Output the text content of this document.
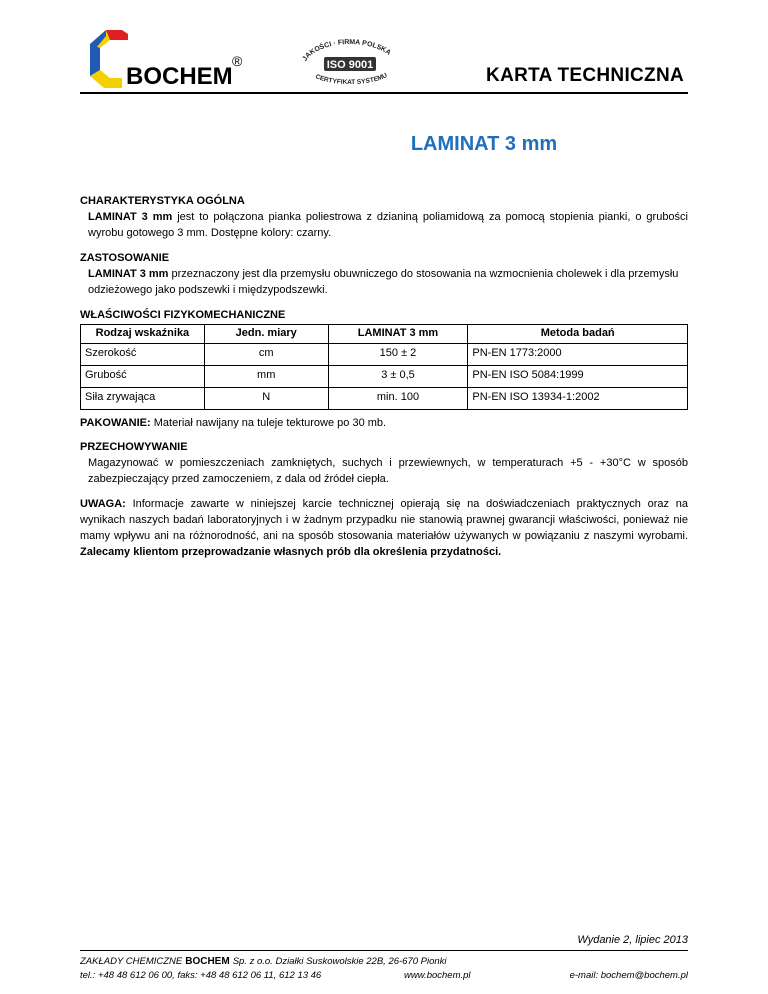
BOCHEM
®	JAKOŚCI · FIRMA POLSKA
CERTYFIKAT SYSTEMU
ISO 9001	KARTA TECHNICZNA
LAMINAT 3 mm
CHARAKTERYSTYKA OGÓLNA
LAMINAT 3 mm jest to połączona pianka poliestrowa z dzianiną poliamidową za pomocą stopienia pianki, o grubości wyrobu gotowego 3 mm. Dostępne kolory: czarny.
ZASTOSOWANIE
LAMINAT 3 mm przeznaczony jest dla przemysłu obuwniczego do stosowania na wzmocnienia cholewek i dla przemysłu odzieżowego jako podszewki i międzypodszewki.
WŁAŚCIWOŚCI FIZYKOMECHANICZNE
Rodzaj wskaźnika	Jedn. miary	LAMINAT 3 mm	Metoda badań
Szerokość	cm	150 ± 2	PN-EN 1773:2000
Grubość	mm	3 ± 0,5	PN-EN ISO 5084:1999
Siła zrywająca	N	min. 100	PN-EN ISO 13934-1:2002
PAKOWANIE: Materiał nawijany na tuleje tekturowe po 30 mb.
PRZECHOWYWANIE
Magazynować w pomieszczeniach zamkniętych, suchych i przewiewnych, w temperaturach +5 - +30°C w sposób zabezpieczający przed zamoczeniem, z dala od źródeł ciepła.
UWAGA: Informacje zawarte w niniejszej karcie technicznej opierają się na doświadczeniach praktycznych oraz na wynikach naszych badań laboratoryjnych i w żadnym przypadku nie stanowią prawnej gwarancji właściwości, ponieważ nie mamy wpływu ani na różnorodność, ani na sposób stosowania materiałów używanych w powiązaniu z naszymi wyrobami. Zalecamy klientom przeprowadzanie własnych prób dla określenia przydatności.
Wydanie 2, lipiec 2013
ZAKŁADY CHEMICZNE BOCHEM Sp. z o.o. Działki Suskowolskie 22B, 26-670 Pionki
tel.: +48 48 612 06 00, faks: +48 48 612 06 11, 612 13 46	www.bochem.pl	e-mail: bochem@bochem.pl
